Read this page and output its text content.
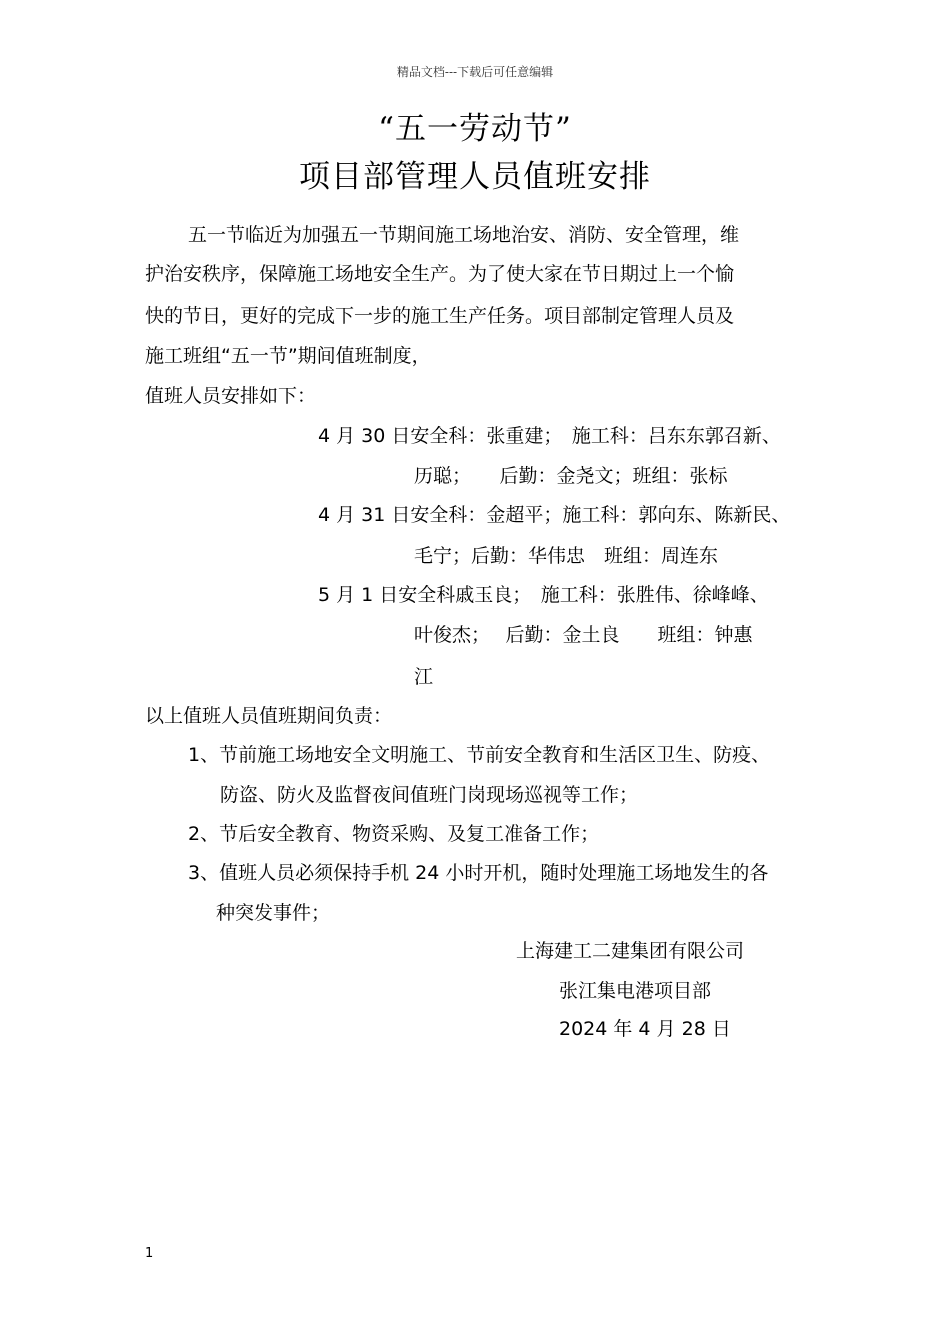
精品文档---下载后可任意编辑
“五一劳动节”
项目部管理人员值班安排
五一节临近为加强五一节期间施工场地治安、消防、安全管理，维
护治安秩序，保障施工场地安全生产。为了使大家在节日期过上一个愉
快的节日，更好的完成下一步的施工生产任务。项目部制定管理人员及
施工班组“五一节”期间值班制度，
值班人员安排如下：
4 月 30 日安全科：张重建；　施工科：吕东东郭召新、
历聪；　　后勤：金尧文；班组：张标
4 月 31 日安全科：金超平；施工科：郭向东、陈新民、
毛宁；后勤：华伟忠　班组：周连东
5 月 1 日安全科戚玉良；　施工科：张胜伟、徐峰峰、
叶俊杰；　 后勤：金土良　　班组：钟惠
江
以上值班人员值班期间负责：
1、节前施工场地安全文明施工、节前安全教育和生活区卫生、防疫、
防盗、防火及监督夜间值班门岗现场巡视等工作；
2、节后安全教育、物资采购、及复工准备工作；
3、值班人员必须保持手机 24 小时开机，随时处理施工场地发生的各
种突发事件；
上海建工二建集团有限公司
张江集电港项目部
2024 年 4 月 28 日
1
